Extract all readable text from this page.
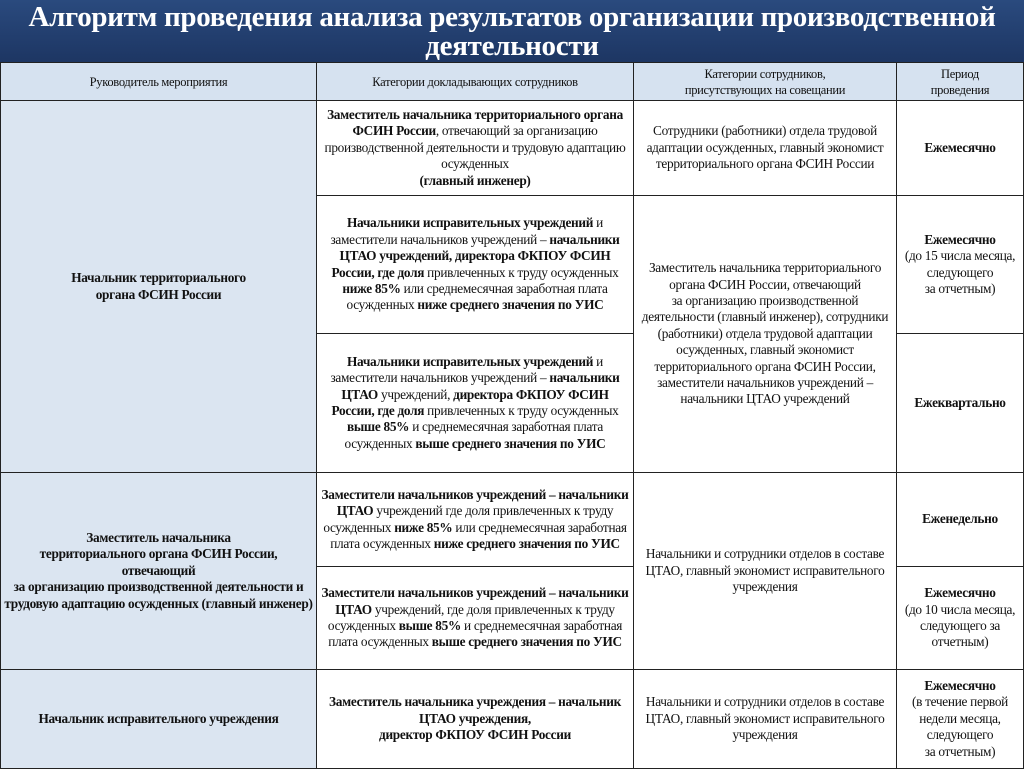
Алгоритм проведения анализа результатов организации производственной деятельности
Руководитель мероприятия	Категории докладывающих сотрудников
Категории сотрудников,
присутствующих на совещании
Период
проведения
Начальник территориального
органа ФСИН России
Заместитель начальника территориального органа ФСИН России, отвечающий за организацию производственной деятельности и трудовую адаптацию осужденных
(главный инженер)
Сотрудники (работники) отдела трудовой адаптации осужденных, главный экономист территориального органа ФСИН России
Ежемесячно
Начальники исправительных учреждений и заместители начальников учреждений – начальники ЦТАО учреждений, директора ФКПОУ ФСИН России, где доля привлеченных к труду осужденных ниже 85% или среднемесячная заработная плата осужденных ниже среднего значения по УИС
Заместитель начальника территориального органа ФСИН России, отвечающий
за организацию производственной деятельности (главный инженер), сотрудники (работники) отдела трудовой адаптации осужденных, главный экономист территориального органа ФСИН России, заместители начальников учреждений – начальники ЦТАО учреждений
Ежемесячно
(до 15 числа месяца,
следующего
за отчетным)
Начальники исправительных учреждений и заместители начальников учреждений – начальники ЦТАО учреждений, директора ФКПОУ ФСИН России, где доля привлеченных к труду осужденных выше 85% и среднемесячная заработная плата осужденных выше среднего значения по УИС
Ежеквартально
Заместитель начальника
территориального органа ФСИН России,
отвечающий
за организацию производственной деятельности и трудовую адаптацию осужденных (главный инженер)
Заместители начальников учреждений – начальники ЦТАО учреждений где доля привлеченных к труду осужденных ниже 85% или среднемесячная заработная плата осужденных ниже среднего значения по УИС
Начальники и сотрудники отделов в составе ЦТАО, главный экономист исправительного учреждения
Еженедельно
Заместители начальников учреждений – начальники ЦТАО учреждений, где доля привлеченных к труду осужденных выше 85% и среднемесячная заработная плата осужденных выше среднего значения по УИС
Ежемесячно
(до 10 числа месяца,
следующего за отчетным)
Начальник исправительного учреждения
Заместитель начальника учреждения – начальник ЦТАО учреждения,
директор ФКПОУ ФСИН России
Начальники и сотрудники отделов в составе ЦТАО, главный экономист исправительного учреждения
Ежемесячно
(в течение первой недели месяца, следующего
за отчетным)
